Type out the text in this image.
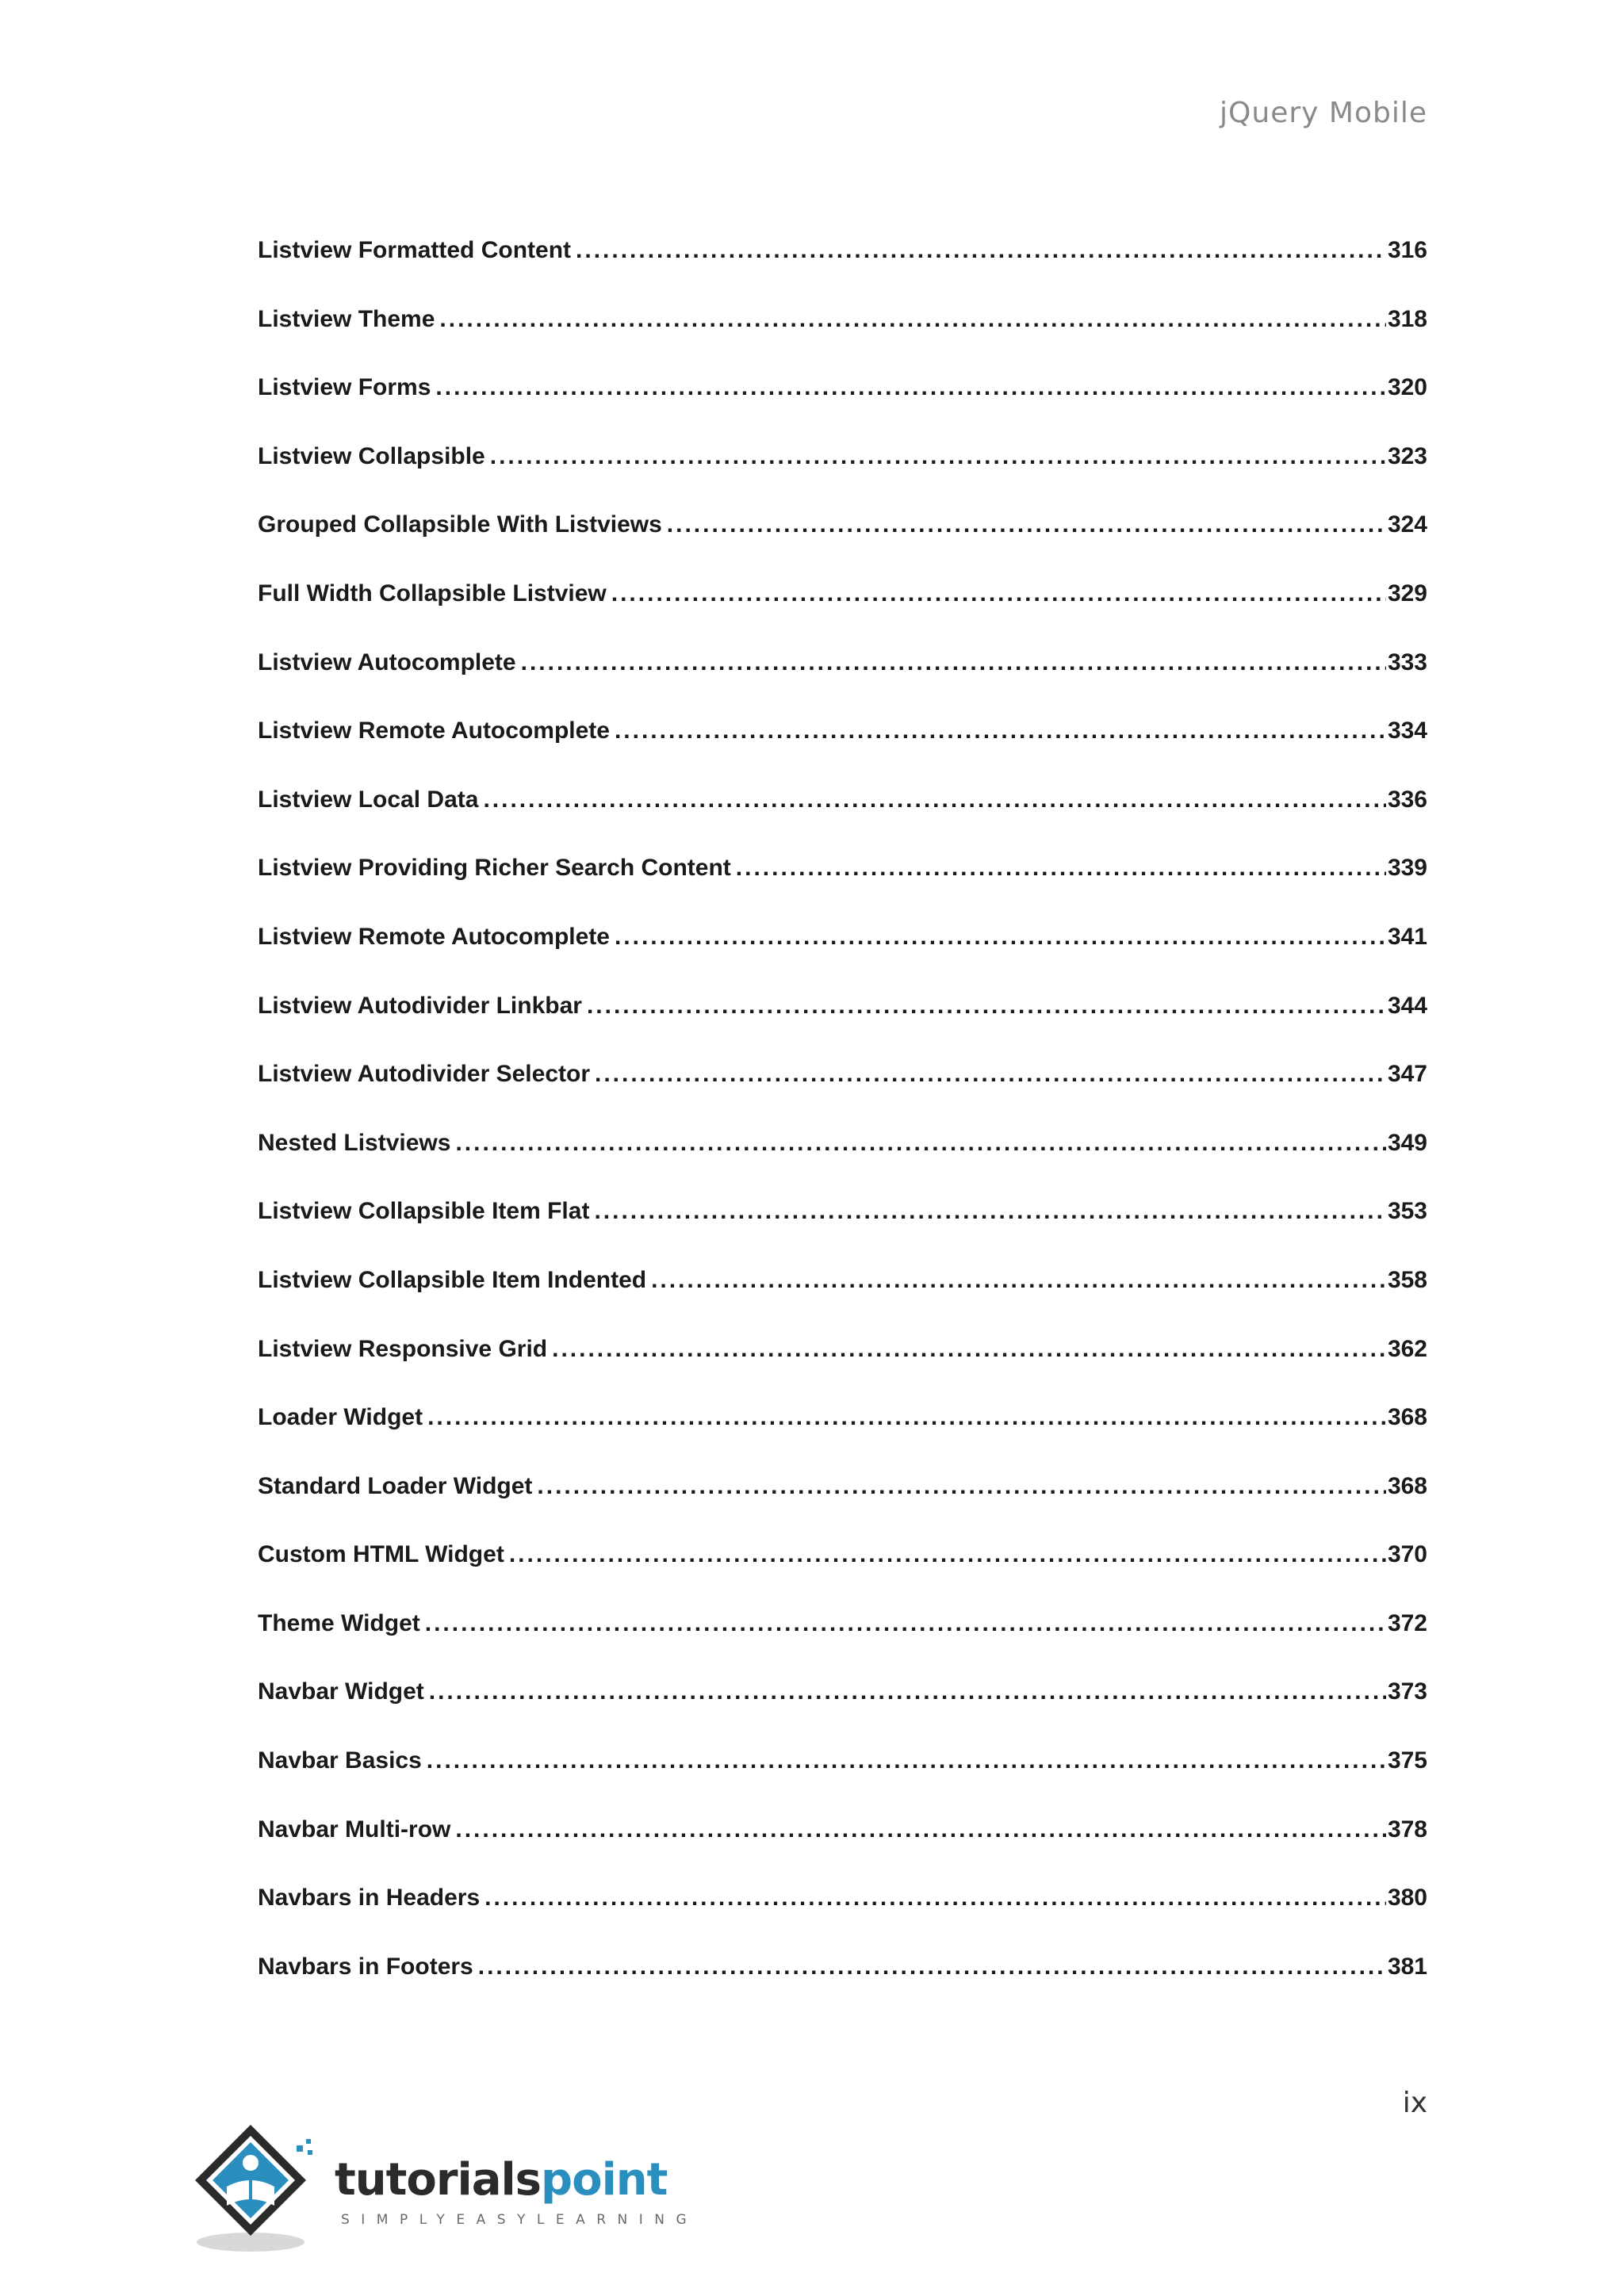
jQuery Mobile
Listview Formatted Content .....	316
Listview Theme .....	318
Listview Forms .....	320
Listview Collapsible .....	323
Grouped Collapsible With Listviews .....	324
Full Width Collapsible Listview .....	329
Listview Autocomplete .....	333
Listview Remote Autocomplete .....	334
Listview Local Data .....	336
Listview Providing Richer Search Content .....	339
Listview Remote Autocomplete .....	341
Listview Autodivider Linkbar .....	344
Listview Autodivider Selector .....	347
Nested Listviews .....	349
Listview Collapsible Item Flat .....	353
Listview Collapsible Item Indented .....	358
Listview Responsive Grid .....	362
Loader Widget .....	368
Standard Loader Widget .....	368
Custom HTML Widget .....	370
Theme Widget .....	372
Navbar Widget .....	373
Navbar Basics .....	375
Navbar Multi-row .....	378
Navbars in Headers .....	380
Navbars in Footers .....	381
ix
tutorialspoint
SIMPLYEASYLEARNING
